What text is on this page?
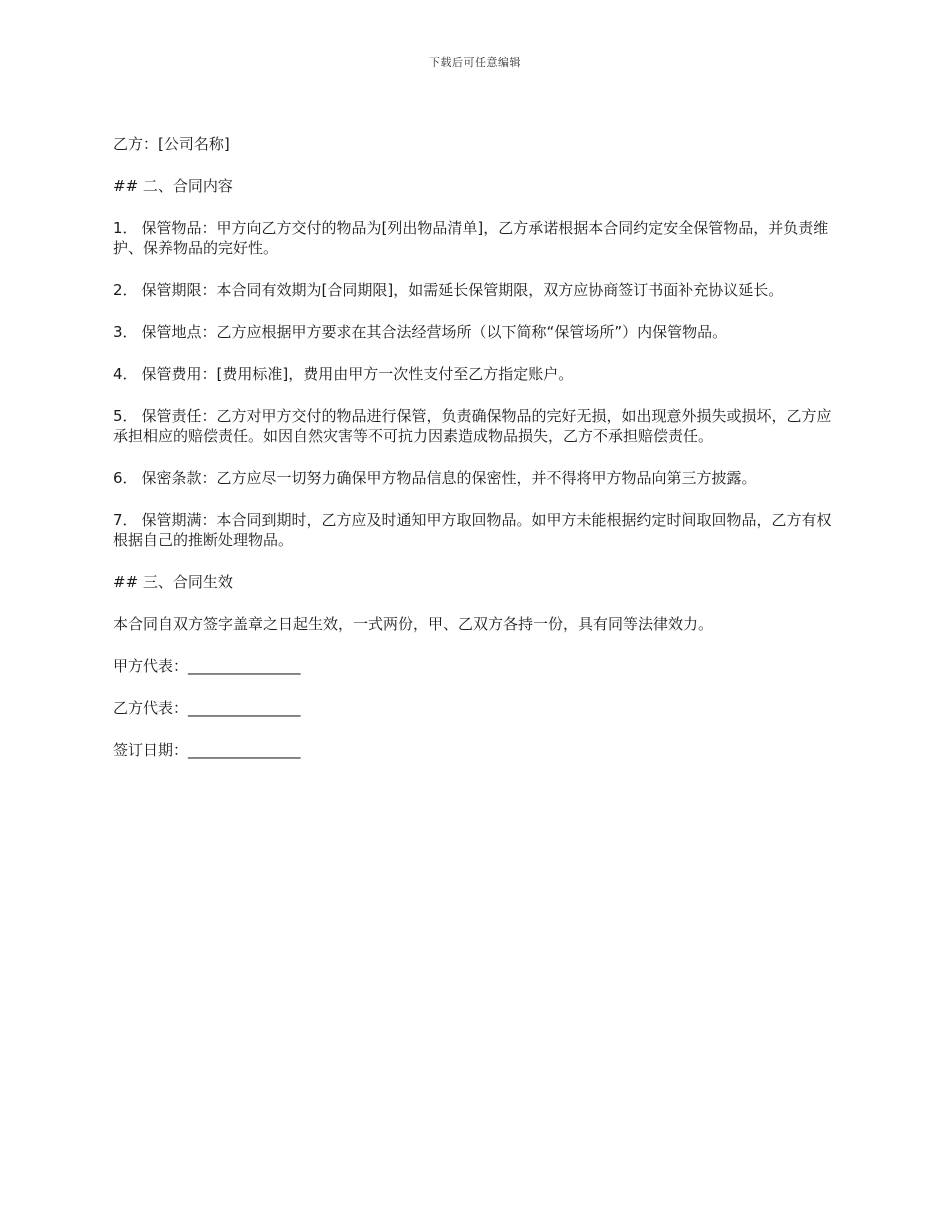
下载后可任意编辑

乙方：[公司名称]

## 二、合同内容

1． 保管物品：甲方向乙方交付的物品为[列出物品清单]，乙方承诺根据本合同约定安全保管物品，并负责维护、保养物品的完好性。

2． 保管期限：本合同有效期为[合同期限]，如需延长保管期限，双方应协商签订书面补充协议延长。

3． 保管地点：乙方应根据甲方要求在其合法经营场所（以下简称“保管场所”）内保管物品。

4． 保管费用：[费用标准]，费用由甲方一次性支付至乙方指定账户。

5． 保管责任：乙方对甲方交付的物品进行保管，负责确保物品的完好无损，如出现意外损失或损坏，乙方应承担相应的赔偿责任。如因自然灾害等不可抗力因素造成物品损失，乙方不承担赔偿责任。

6． 保密条款：乙方应尽一切努力确保甲方物品信息的保密性，并不得将甲方物品向第三方披露。

7． 保管期满：本合同到期时，乙方应及时通知甲方取回物品。如甲方未能根据约定时间取回物品，乙方有权根据自己的推断处理物品。

## 三、合同生效

本合同自双方签字盖章之日起生效，一式两份，甲、乙双方各持一份，具有同等法律效力。

甲方代表：_______________

乙方代表：_______________

签订日期：_______________
